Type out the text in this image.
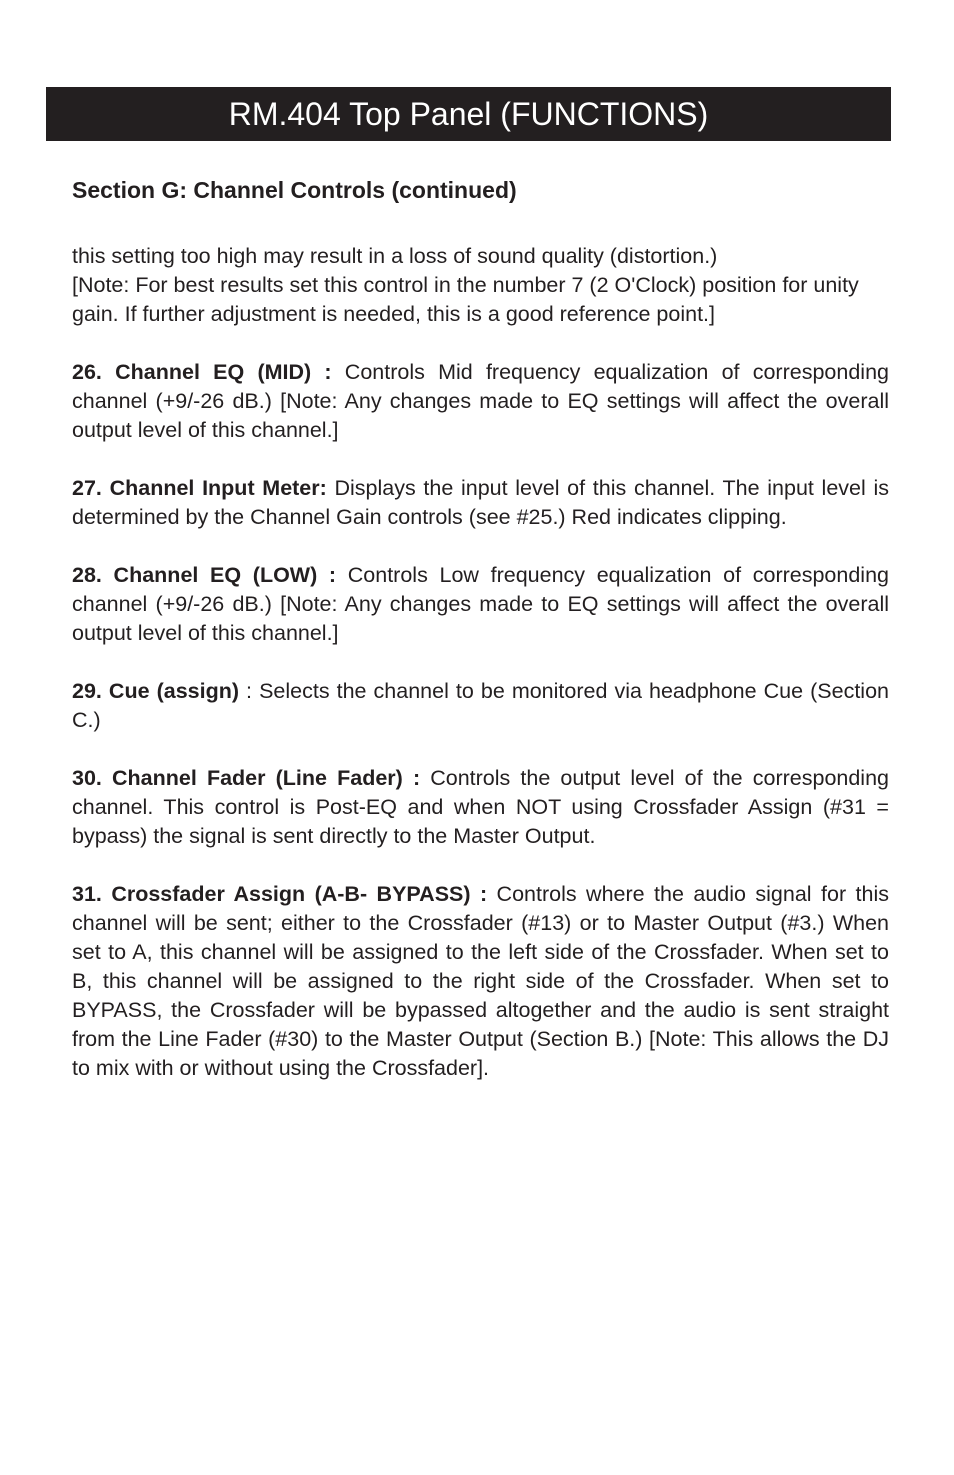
RM.404 Top Panel (FUNCTIONS)
Section G: Channel Controls (continued)

this setting too high may result in a loss of sound quality (distortion.)
[Note: For best results set this control in the number 7 (2 O'Clock) position for unity gain. If further adjustment is needed, this is a good reference point.]

26. Channel EQ (MID) : Controls Mid frequency equalization of corresponding channel (+9/-26 dB.) [Note: Any changes made to EQ settings will affect the overall output level of this channel.]

27. Channel Input Meter: Displays the input level of this channel. The input level is determined by the Channel Gain controls (see #25.) Red indicates clipping.

28. Channel EQ (LOW) : Controls Low frequency equalization of corresponding channel (+9/-26 dB.) [Note: Any changes made to EQ settings will affect the overall output level of this channel.]

29. Cue (assign) : Selects the channel to be monitored via headphone Cue (Section C.)

30. Channel Fader (Line Fader) : Controls the output level of the corresponding channel. This control is Post-EQ and when NOT using Crossfader Assign (#31 = bypass) the signal is sent directly to the Master Output.

31. Crossfader Assign (A-B- BYPASS) : Controls where the audio signal for this channel will be sent; either to the Crossfader (#13) or to Master Output (#3.) When set to A, this channel will be assigned to the left side of the Crossfader. When set to B, this channel will be assigned to the right side of the Crossfader. When set to BYPASS, the Crossfader will be bypassed altogether and the audio is sent straight from the Line Fader (#30) to the Master Output (Section B.) [Note: This allows the DJ to mix with or without using the Crossfader].
